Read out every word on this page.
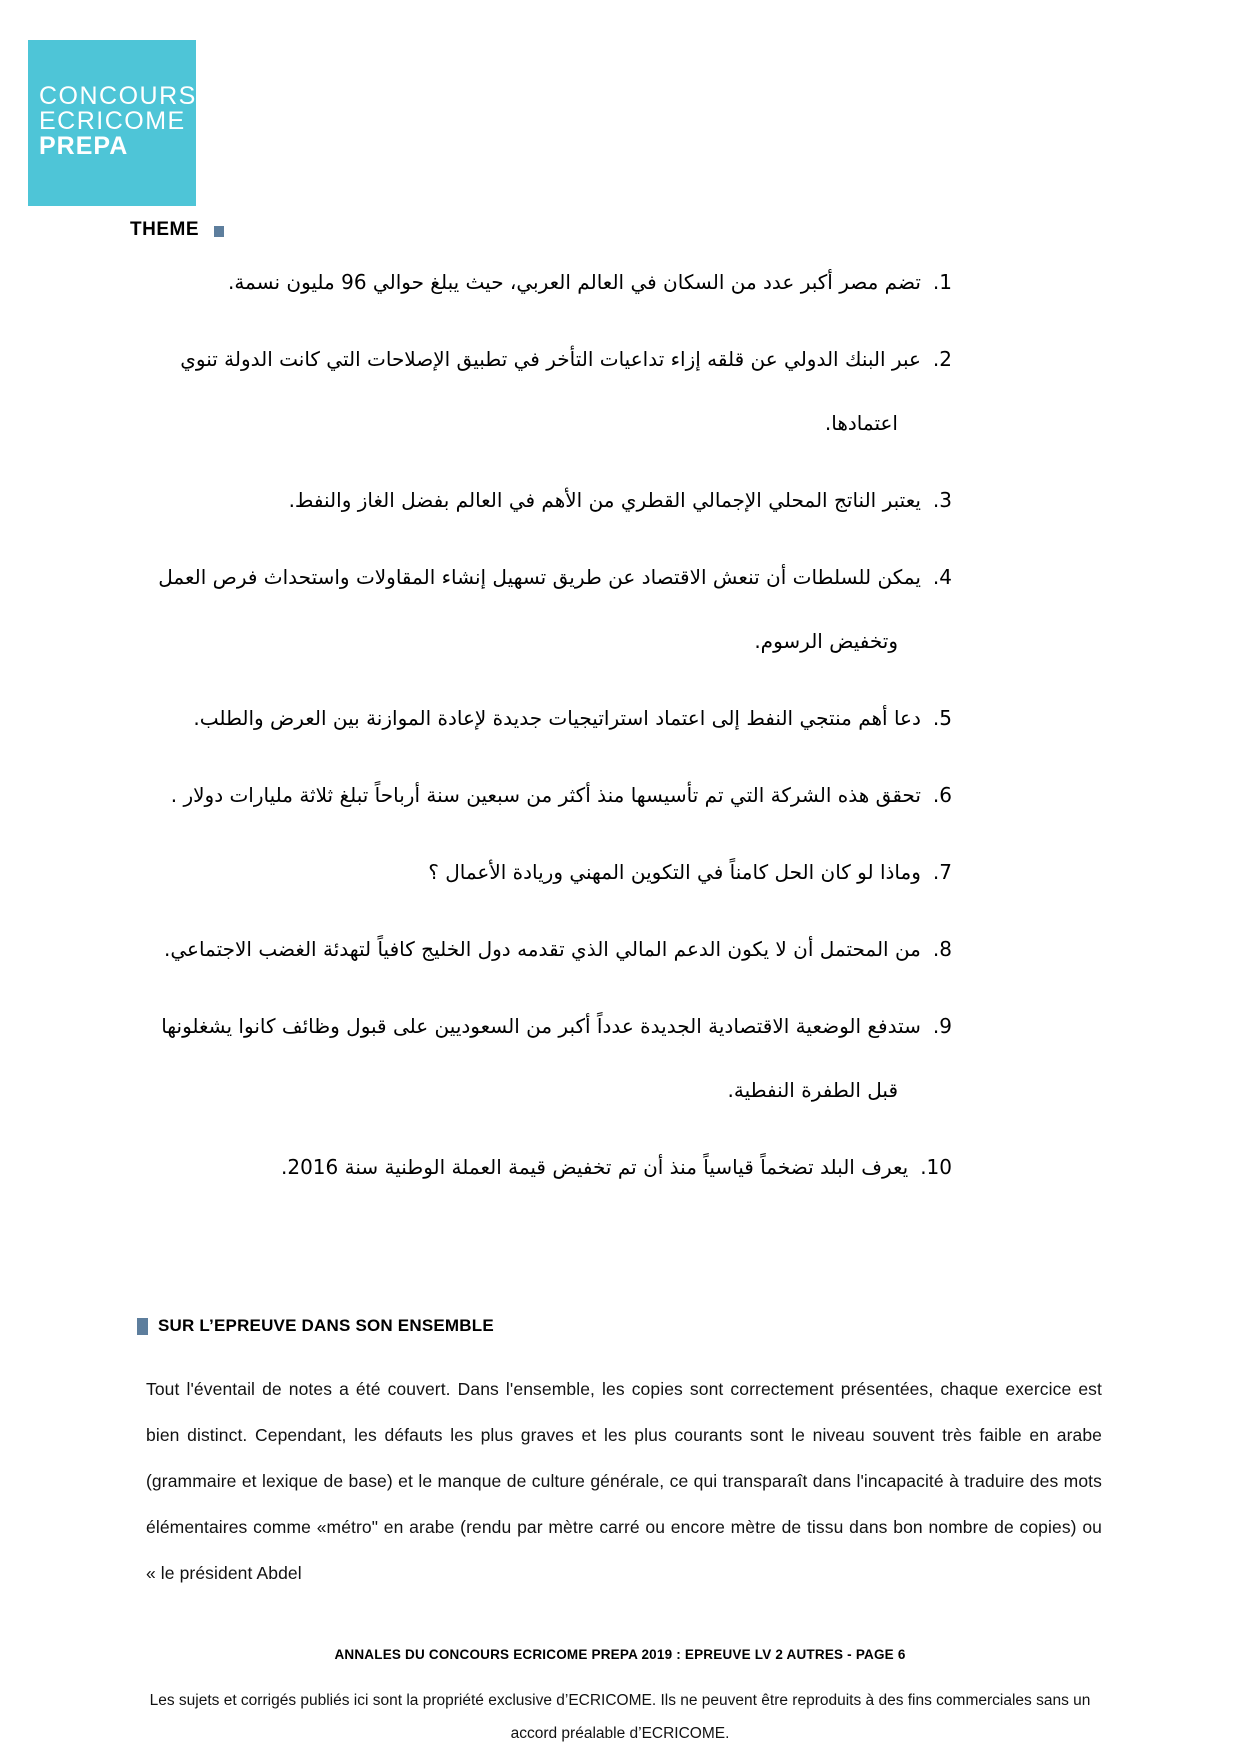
CONCOURS
ECRICOME
PREPA
THEME
1.تضم مصر أكبر عدد من السكان في العالم العربي، حيث يبلغ حوالي 96 مليون نسمة.
2.عبر البنك الدولي عن قلقه إزاء تداعيات التأخر في تطبيق الإصلاحات التي كانت الدولة تنوي اعتمادها.
3.يعتبر الناتج المحلي الإجمالي القطري من الأهم في العالم بفضل الغاز والنفط.
4.يمكن للسلطات أن تنعش الاقتصاد عن طريق تسهيل إنشاء المقاولات واستحداث فرص العمل وتخفيض الرسوم.
5.دعا أهم منتجي النفط إلى اعتماد استراتيجيات جديدة لإعادة الموازنة بين العرض والطلب.
6.تحقق هذه الشركة التي تم تأسيسها منذ أكثر من سبعين سنة أرباحاً تبلغ ثلاثة مليارات دولار .
7.وماذا لو كان الحل كامناً في التكوين المهني وريادة الأعمال ؟
8.من المحتمل أن لا يكون الدعم المالي الذي تقدمه دول الخليج كافياً لتهدئة الغضب الاجتماعي.
9.ستدفع الوضعية الاقتصادية الجديدة عدداً أكبر من السعوديين على قبول وظائف كانوا يشغلونها قبل الطفرة النفطية.
10.يعرف البلد تضخماً قياسياً منذ أن تم تخفيض قيمة العملة الوطنية سنة 2016.
SUR L’EPREUVE DANS SON ENSEMBLE
Tout l'éventail de notes a été couvert. Dans l'ensemble, les copies sont correctement présentées, chaque exercice est bien distinct. Cependant, les défauts les plus graves et les plus courants sont le niveau souvent très faible en arabe (grammaire et lexique de base) et le manque de culture générale, ce qui transparaît dans l'incapacité à traduire des mots élémentaires comme «métro" en arabe (rendu par mètre carré ou encore mètre de tissu dans bon nombre de copies) ou « le président Abdel
ANNALES DU CONCOURS ECRICOME PREPA 2019 : EPREUVE LV 2 AUTRES - PAGE 6
Les sujets et corrigés publiés ici sont la propriété exclusive d’ECRICOME. Ils ne peuvent être reproduits à des fins commerciales sans un accord préalable d’ECRICOME.
